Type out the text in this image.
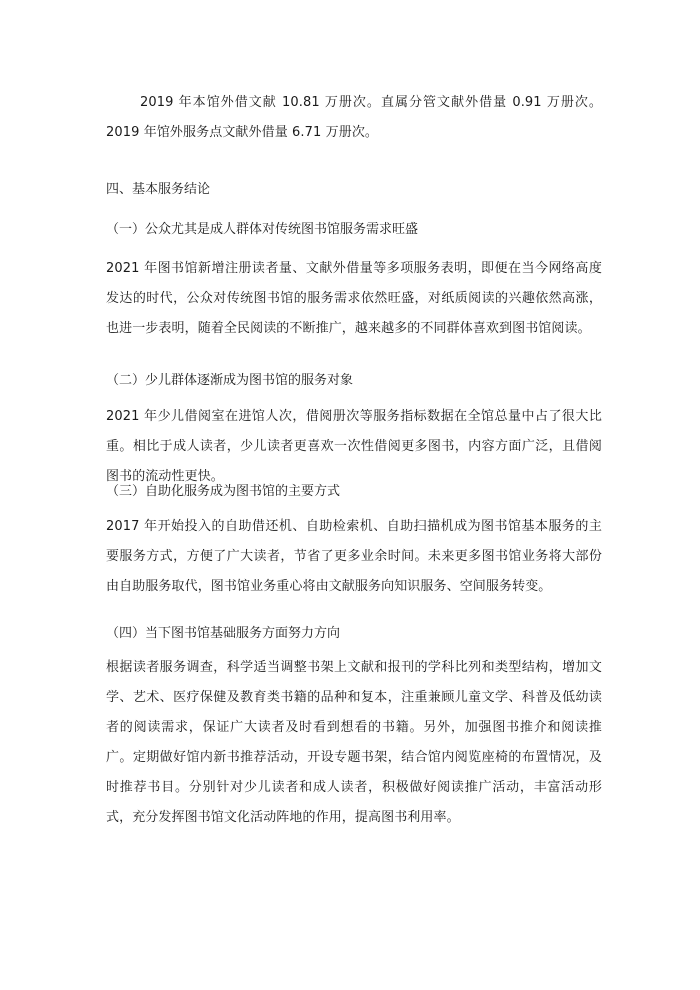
2019 年本馆外借文献 10.81 万册次。直属分管文献外借量 0.91 万册次。2019 年馆外服务点文献外借量 6.71 万册次。

四、基本服务结论
（一）公众尤其是成人群体对传统图书馆服务需求旺盛

2021 年图书馆新增注册读者量、文献外借量等多项服务表明，即便在当今网络高度发达的时代，公众对传统图书馆的服务需求依然旺盛，对纸质阅读的兴趣依然高涨，也进一步表明，随着全民阅读的不断推广，越来越多的不同群体喜欢到图书馆阅读。

（二）少儿群体逐渐成为图书馆的服务对象

2021 年少儿借阅室在进馆人次，借阅册次等服务指标数据在全馆总量中占了很大比重。相比于成人读者，少儿读者更喜欢一次性借阅更多图书，内容方面广泛，且借阅图书的流动性更快。

（三）自助化服务成为图书馆的主要方式

2017 年开始投入的自助借还机、自助检索机、自助扫描机成为图书馆基本服务的主要服务方式，方便了广大读者，节省了更多业余时间。未来更多图书馆业务将大部份由自助服务取代，图书馆业务重心将由文献服务向知识服务、空间服务转变。

（四）当下图书馆基础服务方面努力方向

根据读者服务调查，科学适当调整书架上文献和报刊的学科比列和类型结构，增加文学、艺术、医疗保健及教育类书籍的品种和复本，注重兼顾儿童文学、科普及低幼读者的阅读需求，保证广大读者及时看到想看的书籍。另外，加强图书推介和阅读推广。定期做好馆内新书推荐活动，开设专题书架，结合馆内阅览座椅的布置情况，及时推荐书目。分别针对少儿读者和成人读者，积极做好阅读推广活动，丰富活动形式，充分发挥图书馆文化活动阵地的作用，提高图书利用率。
